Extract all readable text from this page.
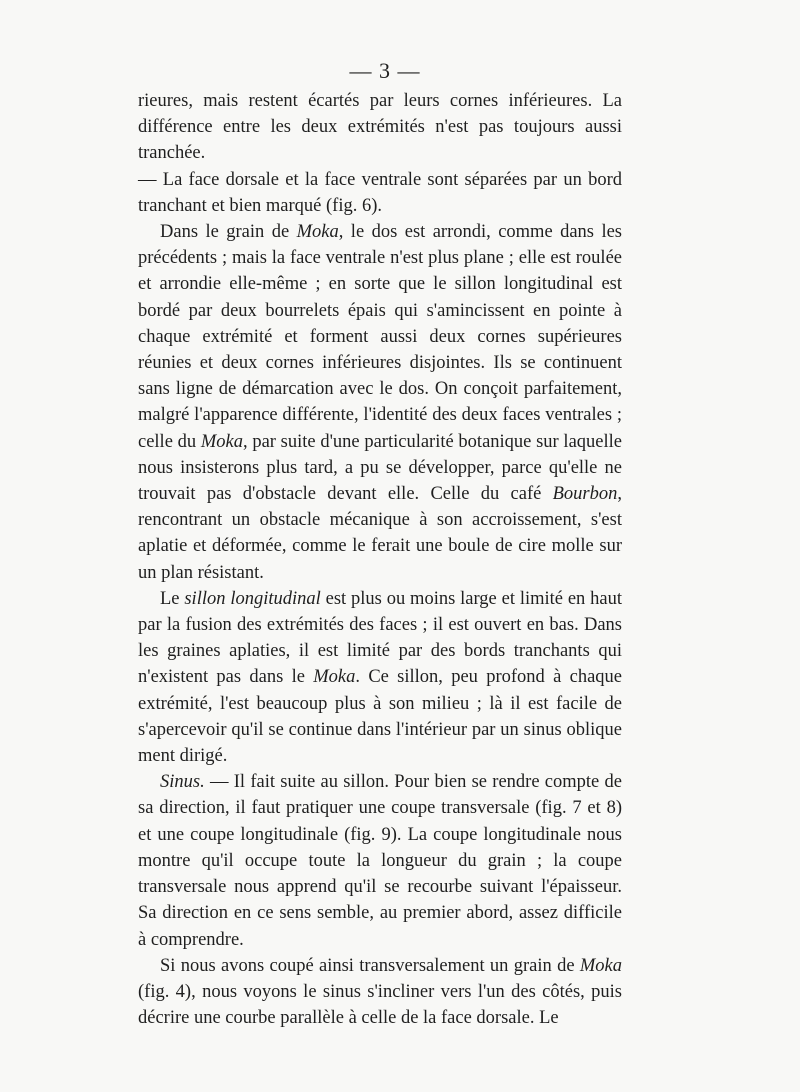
— 3 —

rieures, mais restent écartés par leurs cornes inférieures. La différence entre les deux extrémités n'est pas toujours aussi tranchée.

— La face dorsale et la face ventrale sont séparées par un bord tranchant et bien marqué (fig. 6).

Dans le grain de Moka, le dos est arrondi, comme dans les précédents ; mais la face ventrale n'est plus plane ; elle est roulée et arrondie elle-même ; en sorte que le sillon longitudinal est bordé par deux bourrelets épais qui s'amincissent en pointe à chaque extrémité et forment aussi deux cornes supérieures réunies et deux cornes inférieures disjointes. Ils se continuent sans ligne de démarcation avec le dos. On conçoit parfaitement, malgré l'apparence différente, l'identité des deux faces ventrales ; celle du Moka, par suite d'une particularité botanique sur laquelle nous insisterons plus tard, a pu se développer, parce qu'elle ne trouvait pas d'obstacle devant elle. Celle du café Bourbon, rencontrant un obstacle mécanique à son accroissement, s'est aplatie et déformée, comme le ferait une boule de cire molle sur un plan résistant.

Le sillon longitudinal est plus ou moins large et limité en haut par la fusion des extrémités des faces ; il est ouvert en bas. Dans les graines aplaties, il est limité par des bords tranchants qui n'existent pas dans le Moka. Ce sillon, peu profond à chaque extrémité, l'est beaucoup plus à son milieu ; là il est facile de s'apercevoir qu'il se continue dans l'intérieur par un sinus oblique ment dirigé.

Sinus. — Il fait suite au sillon. Pour bien se rendre compte de sa direction, il faut pratiquer une coupe transversale (fig. 7 et 8) et une coupe longitudinale (fig. 9). La coupe longitudinale nous montre qu'il occupe toute la longueur du grain ; la coupe transversale nous apprend qu'il se recourbe suivant l'épaisseur. Sa direction en ce sens semble, au premier abord, assez difficile à comprendre.

Si nous avons coupé ainsi transversalement un grain de Moka (fig. 4), nous voyons le sinus s'incliner vers l'un des côtés, puis décrire une courbe parallèle à celle de la face dorsale. Le
